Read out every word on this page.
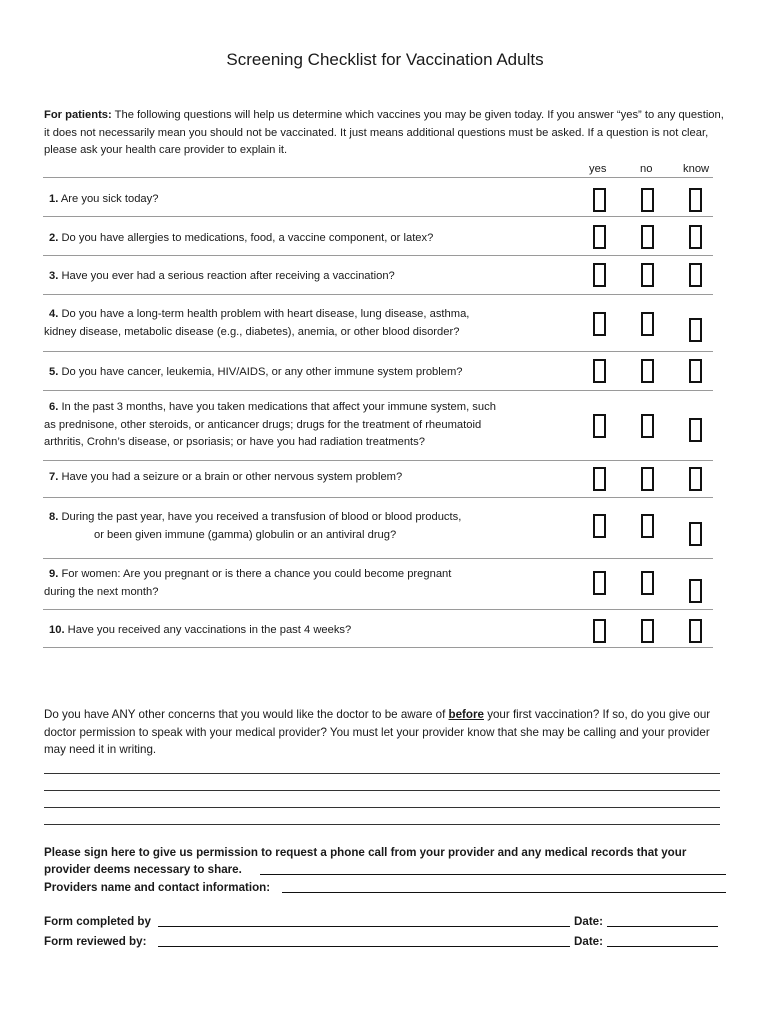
Screening Checklist for Vaccination Adults
For patients: The following questions will help us determine which vaccines you may be given today. If you answer “yes” to any question, it does not necessarily mean you should not be vaccinated. It just means additional questions must be asked. If a question is not clear, please ask your health care provider to explain it.
yes	no	know
1. Are you sick today?
2. Do you have allergies to medications, food, a vaccine component, or latex?
3. Have you ever had a serious reaction after receiving a vaccination?
4. Do you have a long-term health problem with heart disease, lung disease, asthma,
kidney disease, metabolic disease (e.g., diabetes), anemia, or other blood disorder?
5. Do you have cancer, leukemia, HIV/AIDS, or any other immune system problem?
6. In the past 3 months, have you taken medications that affect your immune system, such
as prednisone, other steroids, or anticancer drugs; drugs for the treatment of rheumatoid
arthritis, Crohn’s disease, or psoriasis; or have you had radiation treatments?
7. Have you had a seizure or a brain or other nervous system problem?
8. During the past year, have you received a transfusion of blood or blood products,
or been given immune (gamma) globulin or an antiviral drug?
9. For women: Are you pregnant or is there a chance you could become pregnant
during the next month?
10. Have you received any vaccinations in the past 4 weeks?
Do you have ANY other concerns that you would like the doctor to be aware of before your first vaccination? If so, do you give our doctor permission to speak with your medical provider? You must let your provider know that she may be calling and your provider may need it in writing.
Please sign here to give us permission to request a phone call from your provider and any medical records that your
provider deems necessary to share.
Providers name and contact information:
Form completed by	Date:
Form reviewed by:	Date:
